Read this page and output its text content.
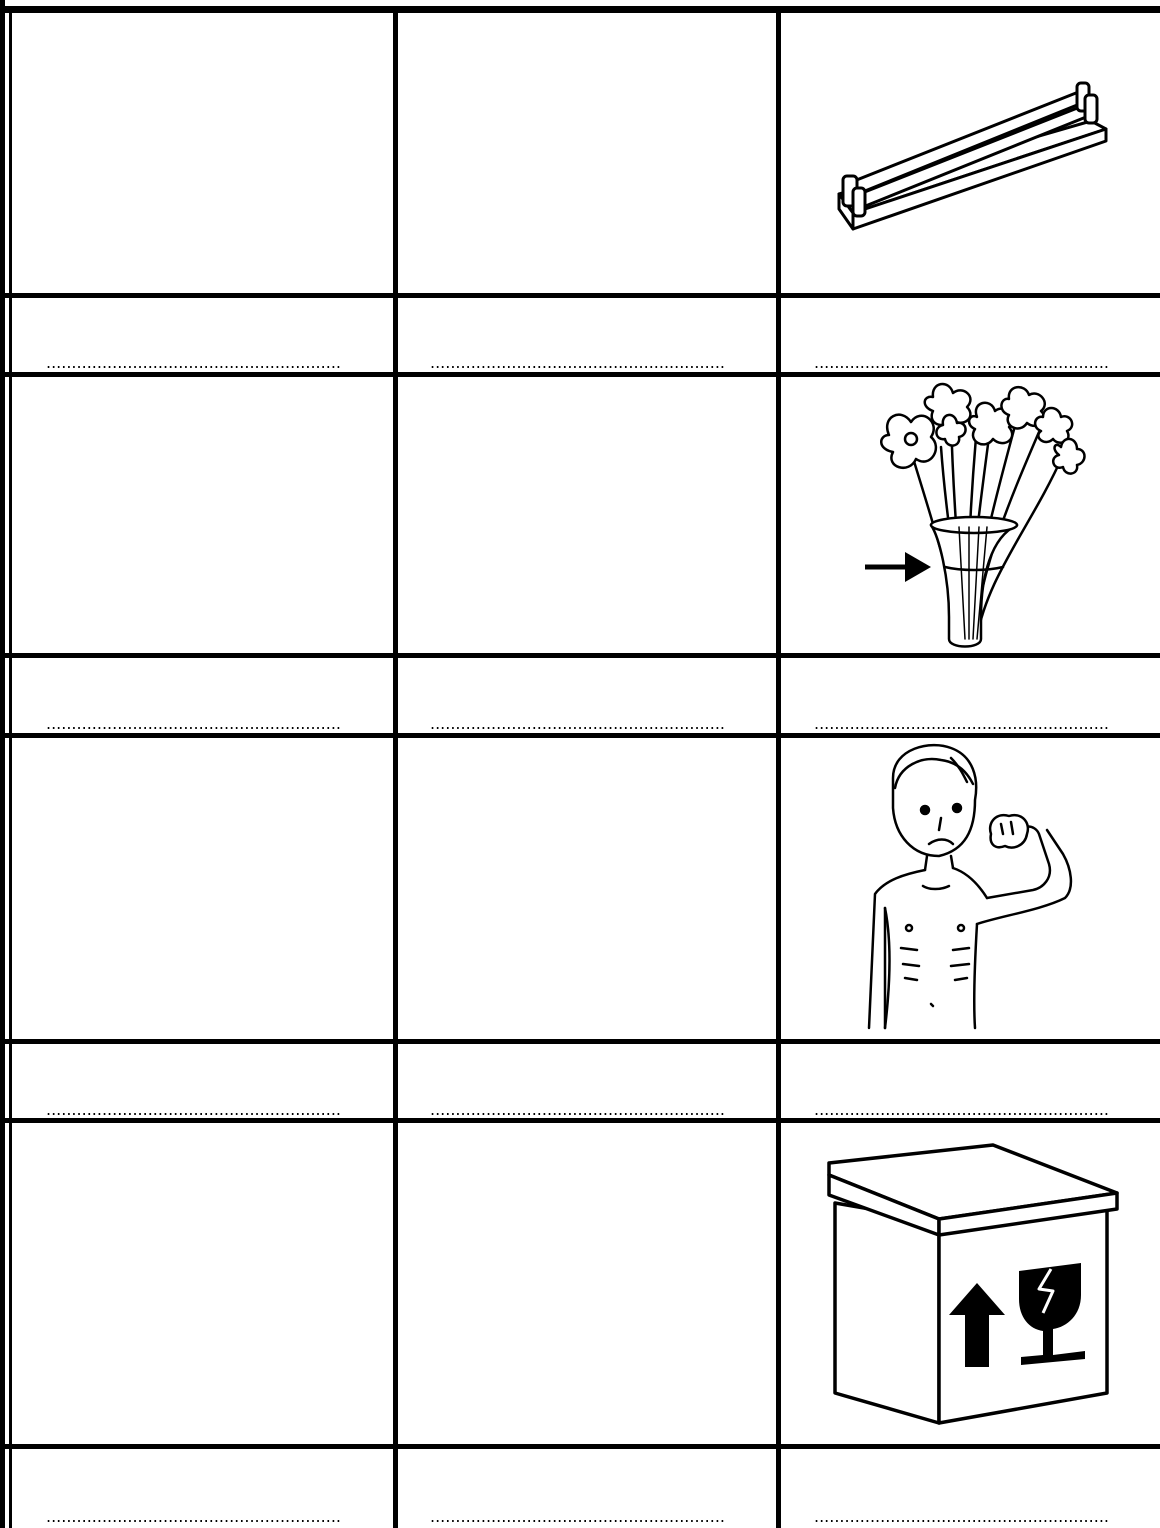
..........................................................	..........................................................	..........................................................
..........................................................	..........................................................	..........................................................
..........................................................	..........................................................	..........................................................
..........................................................	..........................................................	..........................................................
